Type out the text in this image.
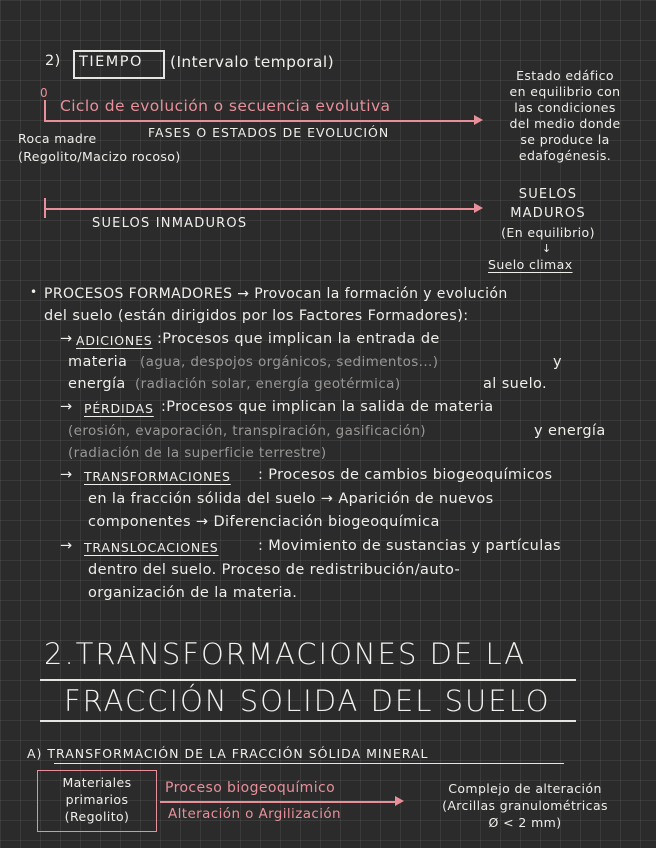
2) TIEMPO (Intervalo temporal)
0
Ciclo de evolución o secuencia evolutiva
FASES O ESTADOS DE EVOLUCIÓN
Roca madre
(Regolito/Macizo rocoso)
Estado edáfico
en equilibrio con
las condiciones
del medio donde
se produce la
edafogénesis.
SUELOS INMADUROS
SUELOS
MADUROS
(En equilibrio)
↓
Suelo climax
• PROCESOS FORMADORES → Provocan la formación y evolución
del suelo (están dirigidos por los Factores Formadores):
→ ADICIONES :Procesos que implican la entrada de
materia (agua, despojos orgánicos, sedimentos...)	y
energía (radiación solar, energía geotérmica)	al suelo.
→ PÉRDIDAS :Procesos que implican la salida de materia
(erosión, evaporación, transpiración, gasificación)	y energía
(radiación de la superficie terrestre)
→ TRANSFORMACIONES : Procesos de cambios biogeoquímicos
en la fracción sólida del suelo → Aparición de nuevos
componentes → Diferenciación biogeoquímica
→ TRANSLOCACIONES	: Movimiento de sustancias y partículas
dentro del suelo. Proceso de redistribución/auto-
organización de la materia.
2.TRANSFORMACIONES DE LA
FRACCIÓN SOLIDA DEL SUELO
A) TRANSFORMACIÓN DE LA FRACCIÓN SÓLIDA MINERAL
Materiales
primarios
(Regolito)
Proceso biogeoquímico
Alteración o Argilización
Complejo de alteración
(Arcillas granulométricas
Ø < 2 mm)
